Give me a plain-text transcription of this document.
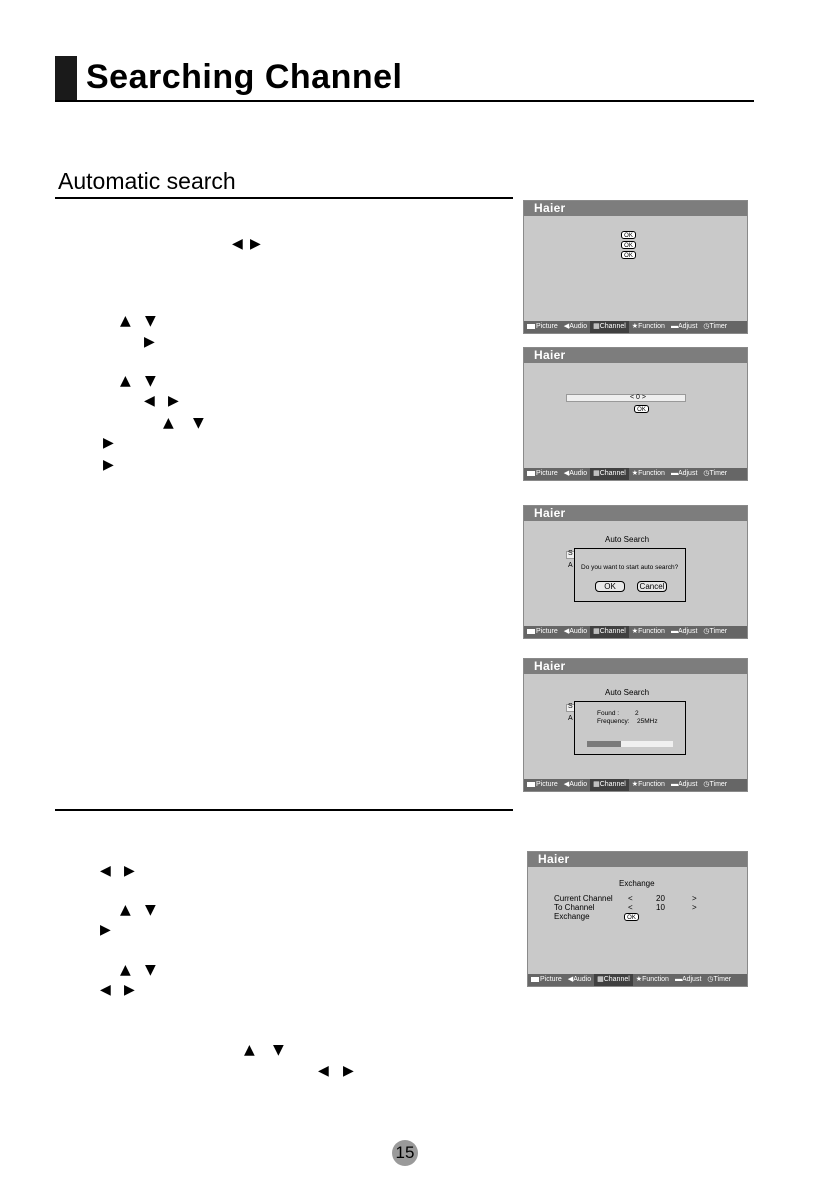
Searching Channel
Automatic search
◀ ▶
▲ ▼
▶
▲ ▼
◀ ▶
▲ ▼
▶
▶
◀ ▶
▲ ▼
▶
▲ ▼
◀ ▶
▲ ▼
◀ ▶
Haier
OK
OK
OK
Picture ◀Audio ▦Channel ★Function ▬Adjust ◷Timer
Haier
< 0 >
OK
Picture ◀Audio ▦Channel ★Function ▬Adjust ◷Timer
Haier
Auto Search
S
A Do you want to start auto search?
OK	Cancel
Picture ◀Audio ▦Channel ★Function ▬Adjust ◷Timer
Haier
Auto Search
S
A
Found : 2
Frequency: 25MHz
Picture ◀Audio ▦Channel ★Function ▬Adjust ◷Timer
Haier
Exchange
Current Channel <	20	>
To Channel	<	10	>
Exchange	OK
Picture ◀Audio ▦Channel ★Function ▬Adjust ◷Timer
15
